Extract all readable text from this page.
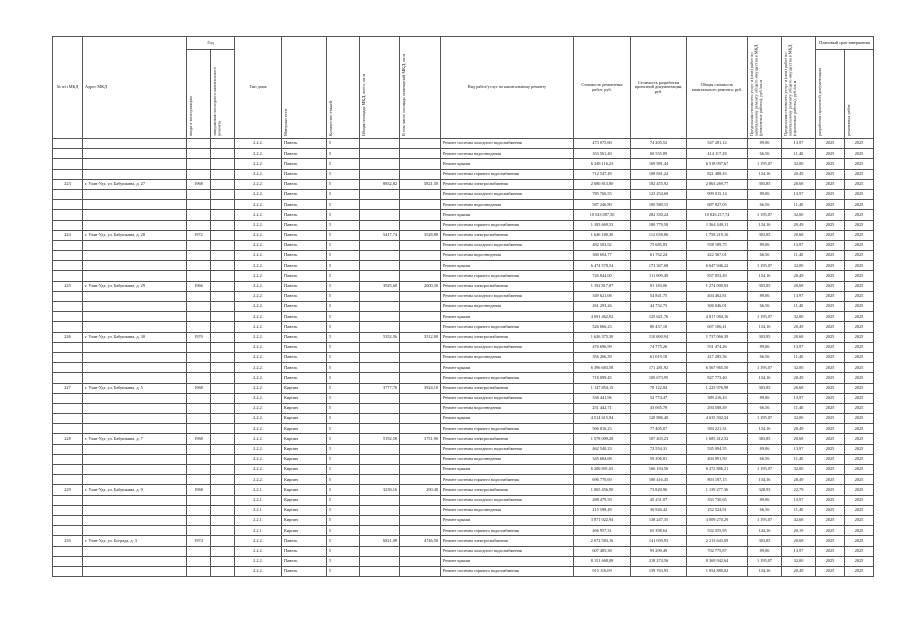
№ п/п МКД	Адрес МКД	Год		Тип дома	Материал стен	Количество этажей	Общая площадь МКД, всего, кв.м	В том числе площадь помещений МКД, кв.м	Вид работ/услуг по капитальному ремонту	Стоимость ремонтных работ, руб.	Стоимость разработки проектной документации, руб.	Общая стоимость капитального ремонта, руб.	Предельная стоимость услуг и (или) работ по капитальному ремонту общего имущества в МКД (ремонтные работы), руб./кв.м	Предельная стоимость услуг и (или) работ по капитальному ремонту общего имущества в МКД (проектные работы), руб./кв.м	Плановый срок завершения	

		ввода в эксплуатацию	завершения последнего капитального ремонта												разработки проектной документации	ремонтных работ

				2.2.2.	Панель	5			Ремонт системы холодного водоснабжения	473 075,60	74 205,52	547 281,12	89,06	13,97	2025	2025
				2.2.2.	Панель	5			Ремонт системы водоотведения	353 561,40	60 555,89	414 117,28	66,56	11,40	2025	2025
				2.2.2.	Панель	5			Ремонт крыши	6 348 116,23	169 981,44	6 518 097,67	1 195,07	32,00	2025	2025
				2.2.2.	Панель	5			Ремонт системы горячего водоснабжения	712 547,49	108 841,24	821 488,43	134,16	20,49	2025	2025
223	г. Улан-Удэ, ул. Бабушкина, д. 27	1968		2.2.2.	Панель	5	8832,82	5821,50	Ремонт системы электроснабжения	2 680 813,80	182 455,92	2 863 269,77	303,85	20,68	2025	2025
				2.2.2.	Панель	5			Ремонт системы холодного водоснабжения	785 760,55	123 254,60	909 015,14	89,06	13,97	2025	2025
				2.2.2.	Панель	5			Ремонт системы водоотведения	587 246,80	100 580,15	687 827,05	66,56	11,40	2025	2025
				2.2.2.	Панель	5			Ремонт крыши	10 543 887,50	282 330,24	10 826 217,74	1 195,07	32,00	2025	2025
				2.2.2.	Панель	5			Ремонт системы горячего водоснабжения	1 183 669,53	180 779,58	1 364 449,11	134,16	20,49	2025	2025
224	г. Улан-Удэ, ул. Бабушкина, д. 28	1972		2.2.2.	Панель	5	5417,74	3528,80	Ремонт системы электроснабжения	1 646 180,30	112 038,86	1 758 219,16	303,85	20,68	2025	2025
				2.2.2.	Панель	5			Ремонт системы холодного водоснабжения	482 503,92	75 685,83	558 189,75	89,06	13,97	2025	2025
				2.2.2.	Панель	5			Ремонт системы водоотведения	360 604,77	61 762,24	422 367,01	66,56	11,40	2025	2025
				2.2.2.	Панель	5			Ремонт крыши	6 474 578,54	173 367,68	6 647 946,22	1 195,07	32,00	2025	2025
				2.2.2.	Панель	5			Ремонт системы горячего водоснабжения	726 844,00	111 009,49	837 853,49	134,16	20,49	2025	2025
225	г. Улан-Удэ, ул. Бабушкина, д. 29	1966		2.2.2.	Панель	5	3925,68	2600,30	Ремонт системы электроснабжения	1 192 817,87	81 183,06	1 274 000,93	303,85	20,68	2025	2025
				2.2.2.	Панель	5			Ремонт системы холодного водоснабжения	349 621,06	54 841,75	404 462,81	89,06	13,97	2025	2025
				2.2.2.	Панель	5			Ремонт системы водоотведения	261 293,26	44 752,75	306 046,01	66,56	11,40	2025	2025
				2.2.2.	Панель	5			Ремонт крыши	4 691 462,02	125 621,76	4 817 084,16	1 195,07	32,00	2025	2025
				2.2.2.	Панель	5			Ремонт системы горячего водоснабжения	526 666,23	80 437,18	607 106,41	134,16	20,49	2025	2025
226	г. Улан-Удэ, ул. Бабушкина, д. 30	1970		2.2.2.	Панель	5	5352,56	3512,00	Ремонт системы электроснабжения	1 626 375,30	110 690,94	1 737 066,39	303,85	20,68	2025	2025
				2.2.2.	Панель	5			Ремонт системы холодного водоснабжения	476 696,99	74 775,26	551 474,26	89,06	13,97	2025	2025
				2.2.2.	Панель	5			Ремонт системы водоотведения	356 266,39	61 019,18	417 285,56	66,56	11,40	2025	2025
				2.2.2.	Панель	5			Ремонт крыши	6 396 683,58	171 281,92	6 567 965,50	1 195,07	32,00	2025	2025
				2.2.2.	Панель	5			Ремонт системы горячего водоснабжения	718 099,45	109 673,95	827 773,40	134,16	20,49	2025	2025
227	г. Улан-Удэ, ул. Бабушкина, д. 5	1968		2.2.2.	Кирпич	5	3777,70	3924,10	Ремонт системы электроснабжения	1 147 854,15	78 122,84	1 225 976,98	303,85	20,68	2025	2025
				2.2.2.	Кирпич	5			Ремонт системы холодного водоснабжения	336 441,96	52 774,47	389 216,43	89,06	13,97	2025	2025
				2.2.2.	Кирпич	5			Ремонт системы водоотведения	251 442,71	43 065,78	294 508,49	66,56	11,40	2025	2025
				2.2.2.	Кирпич	5			Ремонт крыши	4 514 615,94	120 886,40	4 635 502,34	1 195,07	32,00	2025	2025
				2.2.2.	Кирпич	5			Ремонт системы горячего водоснабжения	506 816,23	77 405,07	584 221,31	134,16	20,49	2025	2025
228	г. Улан-Удэ, ул. Бабушкина, д. 7	1968		2.2.2.	Кирпич	5	5192,58	3751,90	Ремонт системы электроснабжения	1 578 009,28	107 403,23	1 685 412,52	303,85	20,68	2025	2025
				2.2.2.	Кирпич	5			Ремонт системы холодного водоснабжения	462 540,23	72 554,31	535 094,55	89,06	13,97	2025	2025
				2.2.2.	Кирпич	5			Ремонт системы водоотведения	345 684,68	59 206,81	404 891,50	66,56	11,40	2025	2025
				2.2.2.	Кирпич	5			Ремонт крыши	6 206 691,65	166 194,56	6 372 886,21	1 195,07	32,00	2025	2025
				2.2.2.	Кирпич	5			Ремонт системы горячего водоснабжения	696 770,69	106 416,45	803 187,15	134,16	20,49	2025	2025
229	г. Улан-Удэ, ул. Бабушкина, д. 9	1968		2.2.1.	Кирпич	5	3239,16	290,40	Ремонт системы электроснабжения	1 065 456,90	73 820,96	1 139 277,36	328,93	22,79	2025	2025
				2.2.1.	Кирпич	5			Ремонт системы холодного водоснабжения	288 479,59	45 251,07	333 730,65	89,06	13,97	2025	2025
				2.2.1.	Кирпич	5			Ремонт системы водоотведения	215 598,49	36 926,42	252 524,91	66,56	11,40	2025	2025
				2.2.1.	Кирпич	5			Ремонт крыши	3 871 022,94	138 247,35	4 009 270,29	1 195,07	42,68	2025	2025
				2.2.1.	Кирпич	5			Ремонт системы горячего водоснабжения	466 957,31	65 398,64	532 355,95	144,16	20,19	2025	2025
230	г. Улан-Удэ, ул. Бограда, д. 3	1974		2.2.2.	Панель	5	6821,08	4746,50	Ремонт системы электроснабжения	2 072 583,16	141 059,93	2 213 643,09	303,85	20,68	2025	2025
				2.2.2.	Панель	5			Ремонт системы холодного водоснабжения	607 485,38	95 290,49	702 775,87	89,06	13,97	2025	2025
				2.2.2.	Панель	5			Ремонт крыши	8 151 668,08	218 274,56	8 369 942,64	1 195,07	32,00	2025	2025
				2.2.2.	Панель	5			Ремонт системы горячего водоснабжения	915 116,09	139 763,93	1 054 880,02	134,16	20,49	2025	2025
